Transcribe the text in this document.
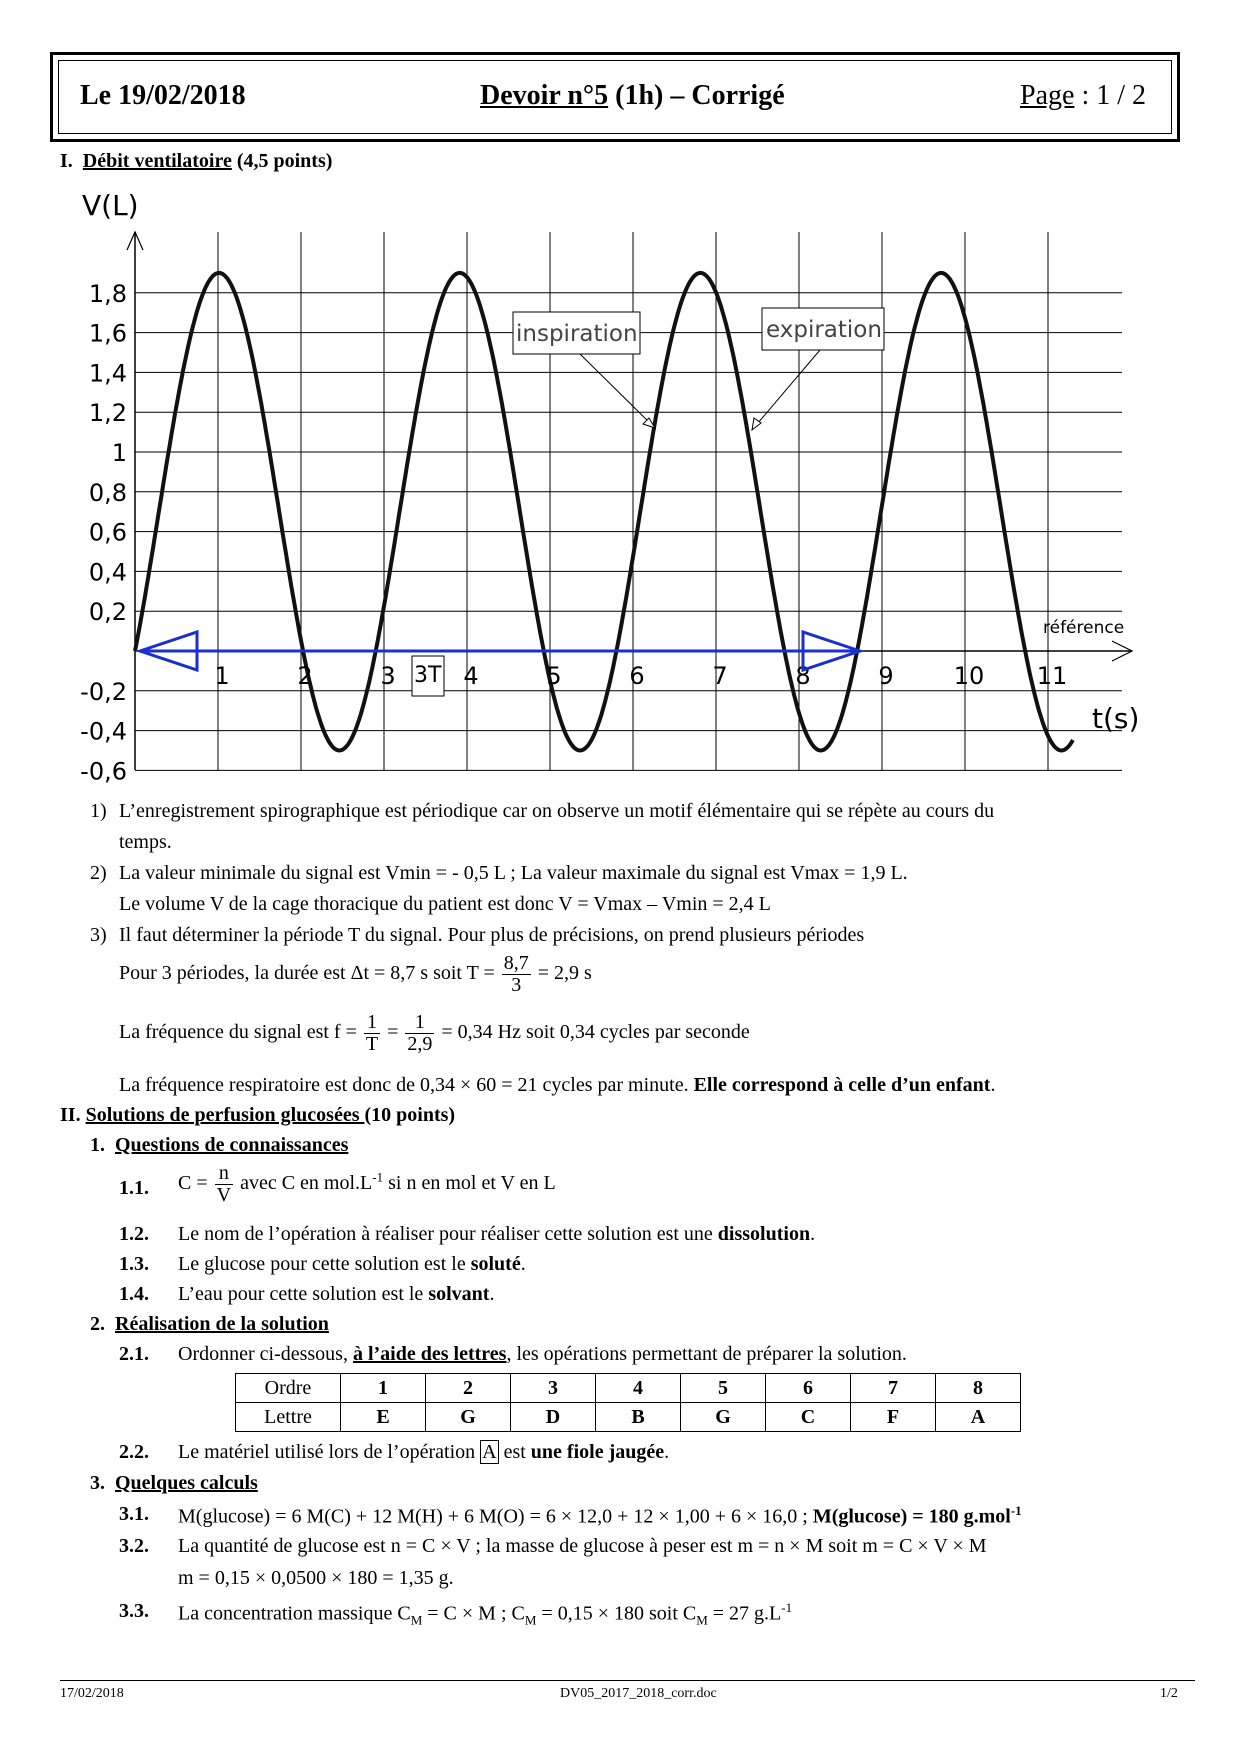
Le 19/02/2018	Devoir n°5 (1h) – Corrigé	Page : 1 / 2
I. Débit ventilatoire (4,5 points)
1,8
1,6
1,4
1,2
1
0,8
0,6
0,4
0,2
-0,2
-0,4
-0,6
1	2	3	4	5	6	7	8	9	10 11
V(L)
t(s)
référence
inspiration	expiration
3T
1) L’enregistrement spirographique est périodique car on observe un motif élémentaire qui se répète au cours du
temps.
2) La valeur minimale du signal est Vmin = - 0,5 L ; La valeur maximale du signal est Vmax = 1,9 L.
Le volume V de la cage thoracique du patient est donc V = Vmax – Vmin = 2,4 L
3) Il faut déterminer la période T du signal. Pour plus de précisions, on prend plusieurs périodes
Pour 3 périodes, la durée est Δt = 8,7 s soit $T = \frac{8,7}{3} = 2,9$ s
La fréquence du signal est $f = \frac{1}{T} = \frac{1}{2,9} = 0,34$ Hz soit 0,34 cycles par seconde
La fréquence respiratoire est donc de 0,34 × 60 = 21 cycles par minute. Elle correspond à celle d’un enfant.
II. Solutions de perfusion glucosées (10 points)
1. Questions de connaissances
1.1. $C = \frac{n}{V}$ avec C en $mol.L^{-1}$ si n en mol et V en L
1.2. Le nom de l’opération à réaliser pour réaliser cette solution est une dissolution.
1.3. Le glucose pour cette solution est le soluté.
1.4. L’eau pour cette solution est le solvant.
2. Réalisation de la solution
2.1. Ordonner ci-dessous, à l’aide des lettres, les opérations permettant de préparer la solution.
Ordre	1	2	3	4	5	6	7	8
Lettre	E	G	D	B	G	C	F	A
2.2. Le matériel utilisé lors de l’opération A est une fiole jaugée.
3. Quelques calculs
3.1. M(glucose) = 6 M(C) + 12 M(H) + 6 M(O) = 6 × 12,0 + 12 × 1,00 + 6 × 16,0 ; M(glucose) = 180 g.mol$^{-1}$
3.2. La quantité de glucose est n = C × V ; la masse de glucose à peser est m = n × M soit m = C × V × M
m = 0,15 × 0,0500 × 180 = 1,35 g.
3.3. La concentration massique $C_M = C \times M$ ; $C_M = 0,15 \times 180$ soit $C_M = 27$ $g.L^{-1}$
17/02/2018	DV05_2017_2018_corr.doc	1/2
